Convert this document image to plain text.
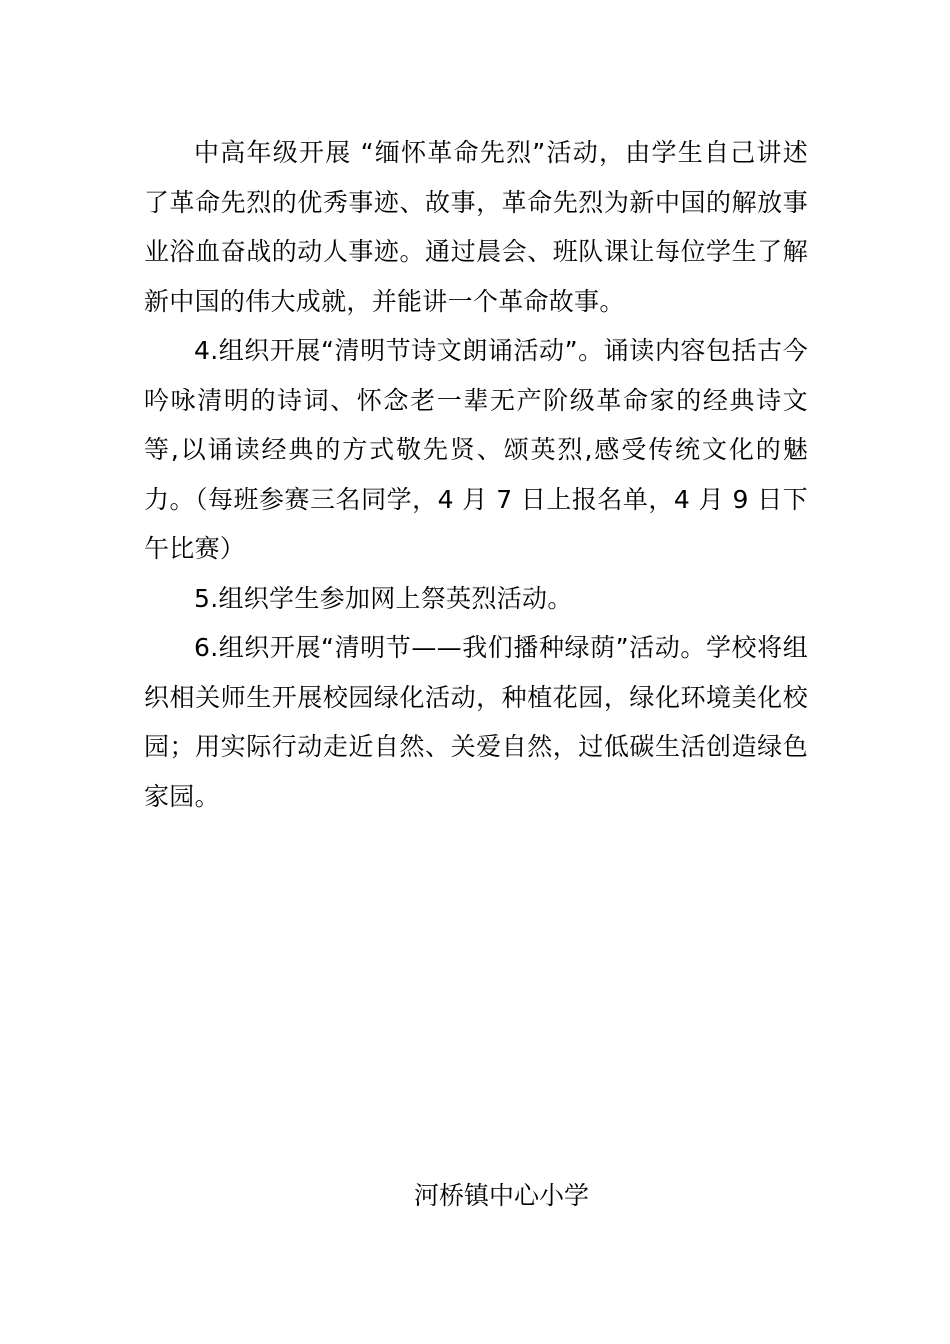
中高年级开展 “缅怀革命先烈”活动，由学生自己讲述了革命先烈的优秀事迹、故事，革命先烈为新中国的解放事业浴血奋战的动人事迹。通过晨会、班队课让每位学生了解新中国的伟大成就，并能讲一个革命故事。

4.组织开展“清明节诗文朗诵活动”。诵读内容包括古今吟咏清明的诗词、怀念老一辈无产阶级革命家的经典诗文等,以诵读经典的方式敬先贤、颂英烈,感受传统文化的魅力。（每班参赛三名同学，4 月 7 日上报名单，4 月 9 日下午比赛）

5.组织学生参加网上祭英烈活动。

6.组织开展“清明节——我们播种绿荫”活动。学校将组织相关师生开展校园绿化活动，种植花园，绿化环境美化校园；用实际行动走近自然、关爱自然，过低碳生活创造绿色家园。

河桥镇中心小学
